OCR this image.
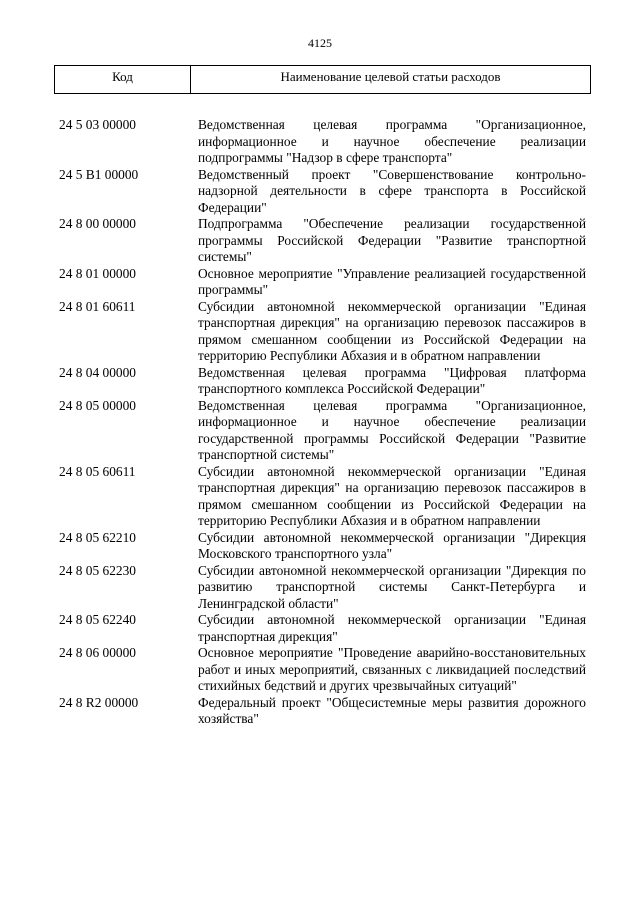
4125
Код	Наименование целевой статьи расходов
24 5 03 00000	Ведомственная целевая программа "Организационное, информационное и научное обеспечение реализации подпрограммы "Надзор в сфере транспорта"
24 5 В1 00000	Ведомственный проект "Совершенствование контрольно-надзорной деятельности в сфере транспорта в Российской Федерации"
24 8 00 00000	Подпрограмма "Обеспечение реализации государственной программы Российской Федерации "Развитие транспортной системы"
24 8 01 00000	Основное мероприятие "Управление реализацией государственной программы"
24 8 01 60611	Субсидии автономной некоммерческой организации "Единая транспортная дирекция" на организацию перевозок пассажиров в прямом смешанном сообщении из Российской Федерации на территорию Республики Абхазия и в обратном направлении
24 8 04 00000	Ведомственная целевая программа "Цифровая платформа транспортного комплекса Российской Федерации"
24 8 05 00000	Ведомственная целевая программа "Организационное, информационное и научное обеспечение реализации государственной программы Российской Федерации "Развитие транспортной системы"
24 8 05 60611	Субсидии автономной некоммерческой организации "Единая транспортная дирекция" на организацию перевозок пассажиров в прямом смешанном сообщении из Российской Федерации на территорию Республики Абхазия и в обратном направлении
24 8 05 62210	Субсидии автономной некоммерческой организации "Дирекция Московского транспортного узла"
24 8 05 62230	Субсидии автономной некоммерческой организации "Дирекция по развитию транспортной системы Санкт-Петербурга и Ленинградской области"
24 8 05 62240	Субсидии автономной некоммерческой организации "Единая транспортная дирекция"
24 8 06 00000	Основное мероприятие "Проведение аварийно-восстановительных работ и иных мероприятий, связанных с ликвидацией последствий стихийных бедствий и других чрезвычайных ситуаций"
24 8 R2 00000	Федеральный проект "Общесистемные меры развития дорожного хозяйства"
